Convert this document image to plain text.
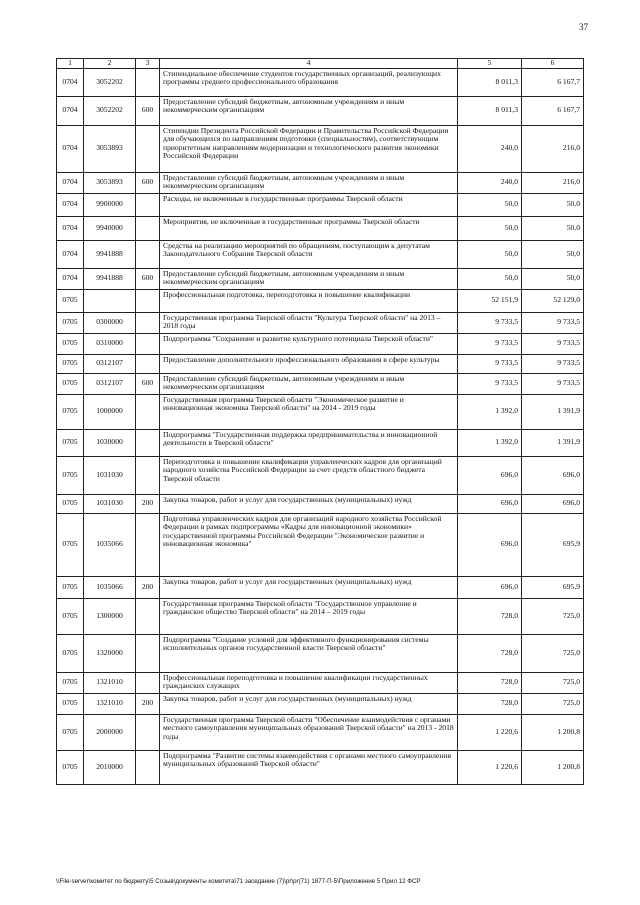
37
1	2	3	4	5	6
0704	3052202		Стипендиальное обеспечение студентов государственных организаций, реализующих программы среднего профессионального образования	8 011,3	6 167,7
0704	3052202	600	Предоставление субсидий бюджетным, автономным учреждениям и иным некоммерческим организациям	8 011,3	6 167,7
0704	3053893		Стипендии Президента Российской Федерации и Правительства Российской Федерации для обучающихся по направлениям подготовки (специальностям), соответствующим приоритетным направлениям модернизации и технологического развития экономики Российской Федерации	240,0	216,0
0704	3053893	600	Предоставление субсидий бюджетным, автономным учреждениям и иным некоммерческим организациям	240,0	216,0
0704	9900000		Расходы, не включенные в государственные программы Тверской области	50,0	50,0
0704	9940000		Мероприятия, не включенные в государственные программы Тверской области	50,0	50,0
0704	9941888		Средства на реализацию мероприятий по обращениям, поступающим к депутатам Законодательного Собрания Тверской области	50,0	50,0
0704	9941888	600	Предоставление субсидий бюджетным, автономным учреждениям и иным некоммерческим организациям	50,0	50,0
0705			Профессиональная подготовка, переподготовка и повышение квалификации	52 151,9	52 129,0
0705	0300000		Государственная программа Тверской области "Культура Тверской области" на 2013 – 2018 годы	9 733,5	9 733,5
0705	0310000		Подпрограмма "Сохранение и развитие культурного потенциала Тверской области"	9 733,5	9 733,5
0705	0312107		Предоставление дополнительного профессионального образования в сфере культуры	9 733,5	9 733,5
0705	0312107	600	Предоставление субсидий бюджетным, автономным учреждениям и иным некоммерческим организациям	9 733,5	9 733,5
0705	1000000		Государственная программа Тверской области "Экономическое развитие и инновационная экономика Тверской области" на 2014 - 2019 годы	1 392,0	1 391,9
0705	1030000		Подпрограмма "Государственная поддержка предпринимательства и инновационной деятельности в Тверской области"	1 392,0	1 391,9
0705	1031030		Переподготовка и повышение квалификации управленческих кадров для организаций народного хозяйства Российской Федерации за счет средств областного бюджета Тверской области	696,0	696,0
0705	1031030	200	Закупка товаров, работ и услуг для государственных (муниципальных) нужд	696,0	696,0
0705	1035066		Подготовка управленческих кадров для организаций народного хозяйства Российской Федерации в рамках подпрограммы «Кадры для инновационной экономики» государственной программы Российской Федерации "Экономическое развитие и инновационная экономика"	696,0	695,9
0705	1035066	200	Закупка товаров, работ и услуг для государственных (муниципальных) нужд	696,0	695,9
0705	1300000		Государственная программа Тверской области "Государственное управление и гражданское общество Тверской области" на 2014 – 2019 годы	728,0	725,0
0705	1320000		Подпрограмма "Создание условий для эффективного функционирования системы исполнительных органов государственной власти Тверской области"	728,0	725,0
0705	1321010		Профессиональная переподготовка и повышение квалификации государственных гражданских служащих	728,0	725,0
0705	1321010	200	Закупка товаров, работ и услуг для государственных (муниципальных) нужд	728,0	725,0
0705	2000000		Государственная программа Тверской области "Обеспечение взаимодействия с органами местного самоуправления муниципальных образований Тверской области" на 2013 - 2018 годы	1 220,6	1 200,8
0705	2010000		Подпрограмма "Развитие системы взаимодействия с органами местного самоуправления муниципальных образований Тверской области"	1 220,6	1 200,8
\\File-server\комитет по бюджету\5 Созыв\документы комитета\71 заседание (7)\pr\pr(71) 1877-П-5\Приложение 5 Прил 12 ФСР
